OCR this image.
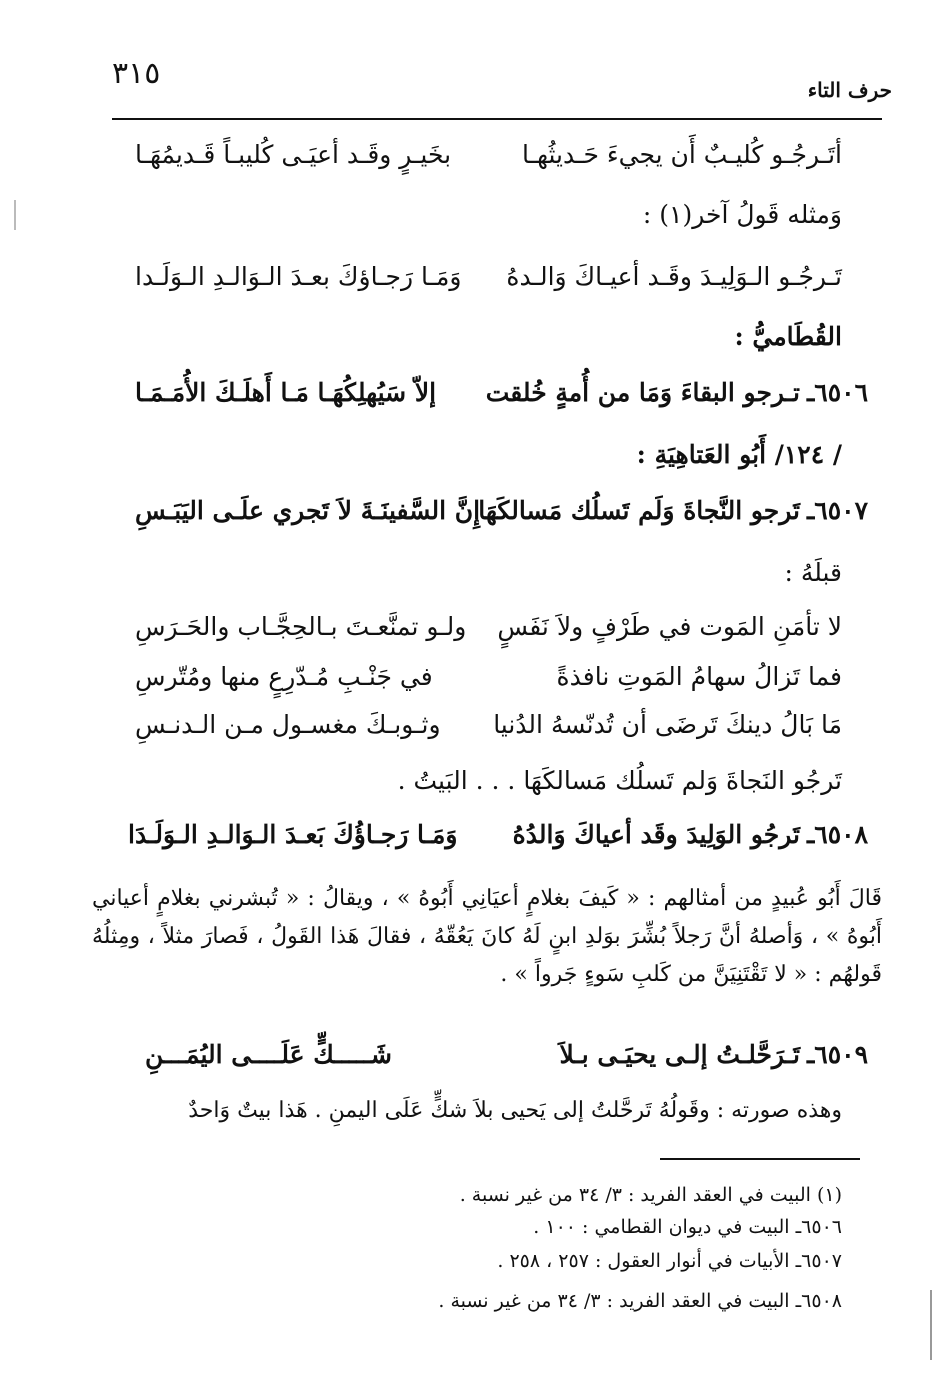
٣١٥	حرف التاء
أتَـرجُـو كُليـبٌ أَن يجيءَ حَـديثُهـا
بخَيـرٍ وقَـد أعيَـى كُليبـاً قَـديمُهَـا
وَمثله قَولُ آخر(١) :
تَـرجُـو الـوَلِيـدَ وقَـد أعيـاكَ وَالـدهُ
وَمَـا رَجـاؤكَ بعـدَ الـوَالـدِ الـوَلَـدا
القُطَاميُّ :
٦٥٠٦ـ
تـرجو البقاءَ وَمَا من أُمةٍ خُلقت
إلاّ سَيُهلِكُهَـا مَـا أَهلَـكَ الأُمَـمَـا
/ ١٢٤/ أَبُو العَتاهِيَةِ :
٦٥٠٧ـ
تَرجو النَّجاةَ وَلَم تَسلُك مَسالكَهَا
إِنَّ السَّفينَـةَ لاَ تَجري علَـى اليَبَـسِ
قبلَهُ :
لا تأمَنِ المَوت في طَرْفٍ ولاَ نَفَسٍ
ولـو تمنَّعـتَ بـالحِجَّـاب والحَـرَسِ
فما تَزالُ سهامُ المَوتِ نافذةً
في جَنْـبِ مُـدّرِعٍ منها ومُتّرسِ
مَا بَالُ دينكَ تَرضَى أن تُدنّسهُ الدُنيا
وثـوبـكَ مغسـول مـن الـدنـسِ
تَرجُو النَجاةَ وَلم تَسلُك مَسالكَهَا . . . البَيتُ .
٦٥٠٨ـ
تَرجُو الوَلِيدَ وقَد أعياكَ وَالدُهُ
وَمَـا رَجـاؤُكَ بَعـدَ الـوَالـدِ الـوَلَـدَا
قَالَ أَبُو عُبيدٍ من أمثالهم : « كَيفَ بغلامٍ أعيَانِي أَبُوهُ » ، ويقالُ : « تُبشرني بغلامٍ أعياني أَبُوهُ » ، وَأصلهُ أنَّ رَجلاً بُشِّرَ بوَلدِ ابنٍ لَهُ كانَ يَعُقّهُ ، فقالَ هَذا القَولُ ، فَصارَ مثلاً ، ومِثلُهُ قَولهُم : « لا تَقْتَنِيَنَّ من كَلبِ سَوءٍ جَرواً » .
٦٥٠٩ـ
تَـرَحَّلـتُ إلـى يحيَـى بـلاَ
شَـــــكٍّ عَلَــــى اليُمَـــنِ
وهذه صورته : وقَولُهُ تَرحَّلتُ إلى يَحيى بلاَ شكٍّ عَلَى اليمنِ . هَذا بيتٌ وَاحدٌ
(١) البيت في العقد الفريد : ٣/ ٣٤ من غير نسبة .
٦٥٠٦ـ البيت في ديوان القطامي : ١٠٠ .
٦٥٠٧ـ الأبيات في أنوار العقول : ٢٥٧ ، ٢٥٨ .
٦٥٠٨ـ البيت في العقد الفريد : ٣/ ٣٤ من غير نسبة .
